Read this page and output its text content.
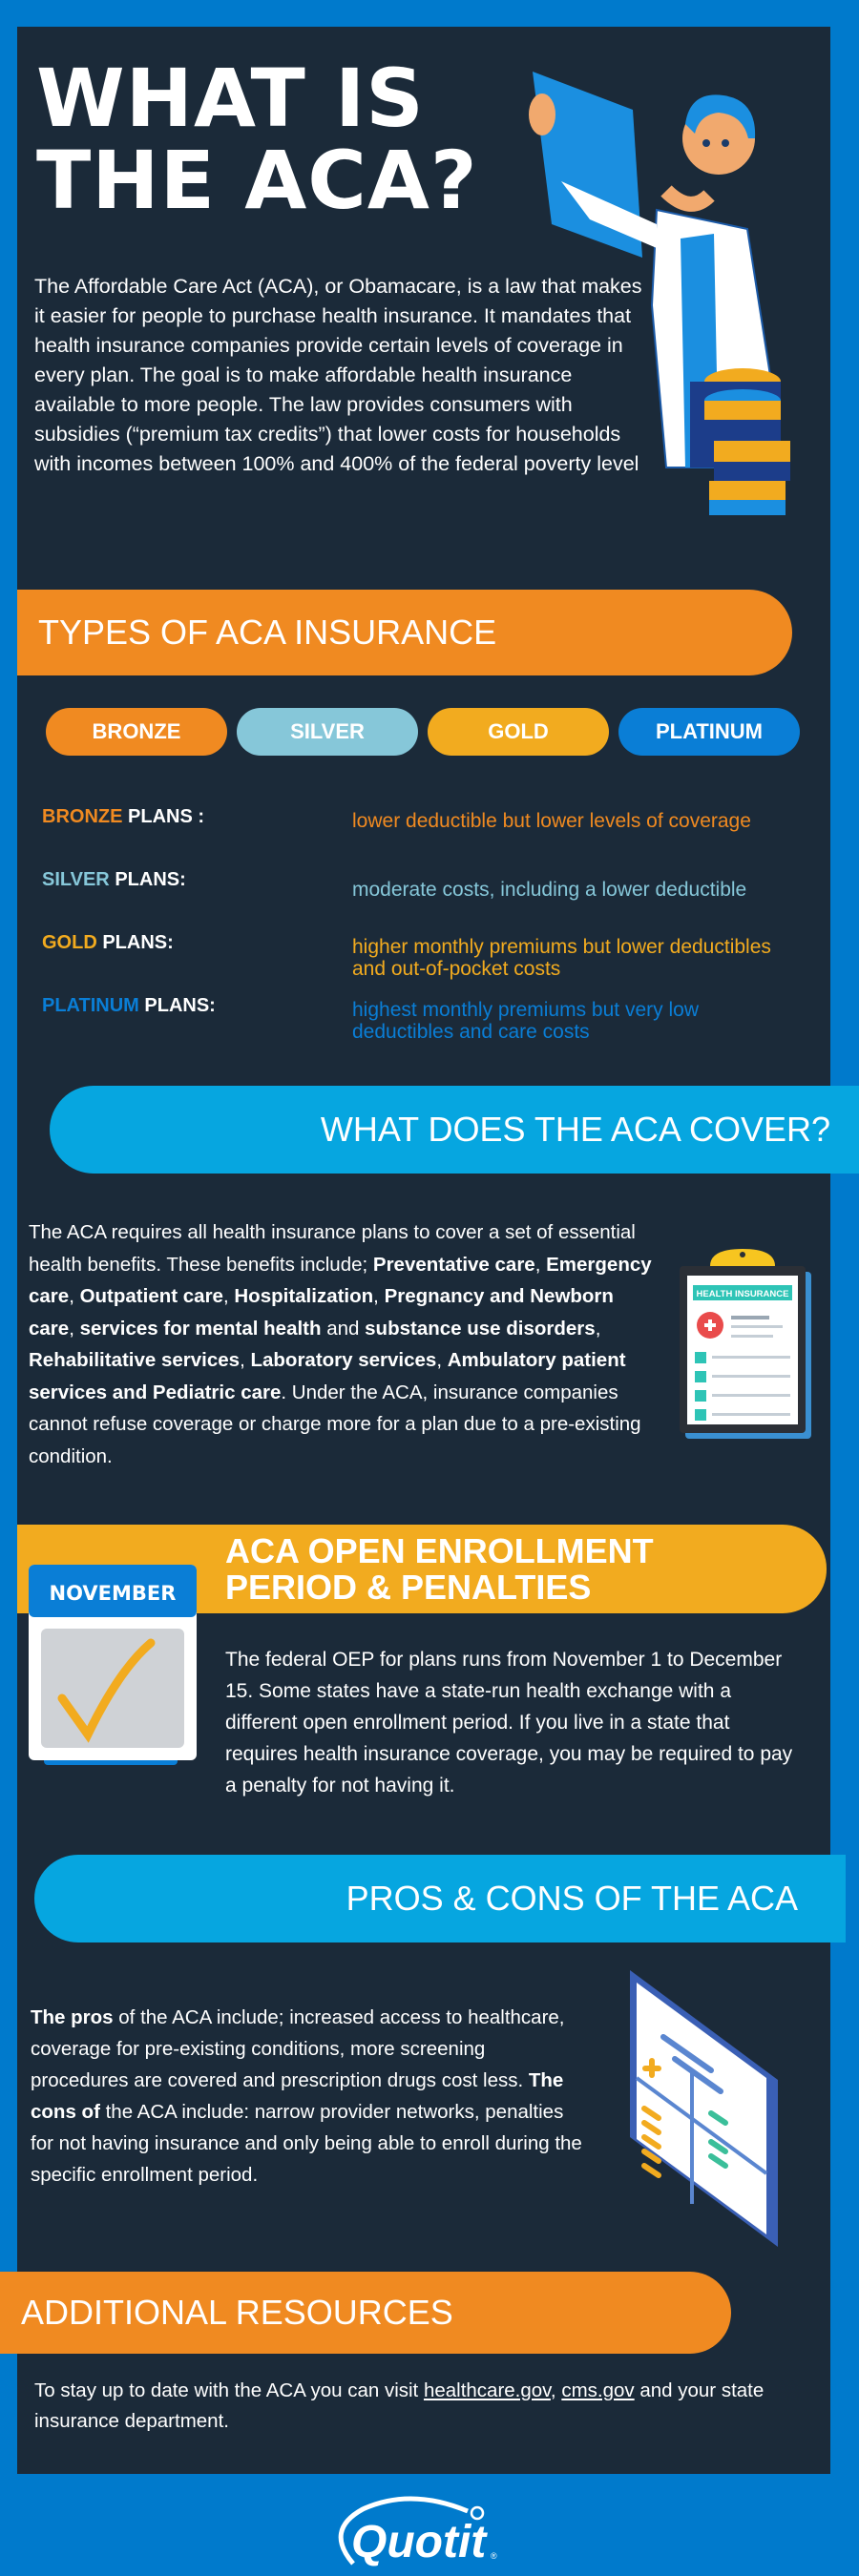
WHAT IS
THE ACA?

The Affordable Care Act (ACA), or Obamacare, is a law that makes it easier for people to purchase health insurance. It mandates that health insurance companies provide certain levels of coverage in every plan. The goal is to make affordable health insurance available to more people. The law provides consumers with subsidies (“premium tax credits”) that lower costs for households with incomes between 100% and 400% of the federal poverty level

TYPES OF ACA INSURANCE
BRONZE	SILVER	GOLD	PLATINUM
BRONZE PLANS :	lower deductible but lower levels of coverage
SILVER PLANS:	moderate costs, including a lower deductible
GOLD PLANS:	higher monthly premiums but lower deductibles and out-of-pocket costs
PLATINUM PLANS:	highest monthly premiums but very low deductibles and care costs
WHAT DOES THE ACA COVER?

The ACA requires all health insurance plans to cover a set of essential health benefits. These benefits include; Preventative care, Emergency care, Outpatient care, Hospitalization, Pregnancy and Newborn care, services for mental health and substance use disorders, Rehabilitative services, Laboratory services, Ambulatory patient services and Pediatric care. Under the ACA, insurance companies cannot refuse coverage or charge more for a plan due to a pre-existing condition.

HEALTH INSURANCE
ACA OPEN ENROLLMENT
PERIOD & PENALTIES
NOVEMBER

The federal OEP for plans runs from November 1 to December 15. Some states have a state-run health exchange with a different open enrollment period. If you live in a state that requires health insurance coverage, you may be required to pay a penalty for not having it.

PROS & CONS OF THE ACA

The pros of the ACA include; increased access to healthcare, coverage for pre-existing conditions, more screening procedures are covered and prescription drugs cost less. The cons of the ACA include: narrow provider networks, penalties for not having insurance and only being able to enroll during the specific enrollment period.

ADDITIONAL RESOURCES

To stay up to date with the ACA you can visit healthcare.gov, cms.gov and your state insurance department.

Quotit ®
